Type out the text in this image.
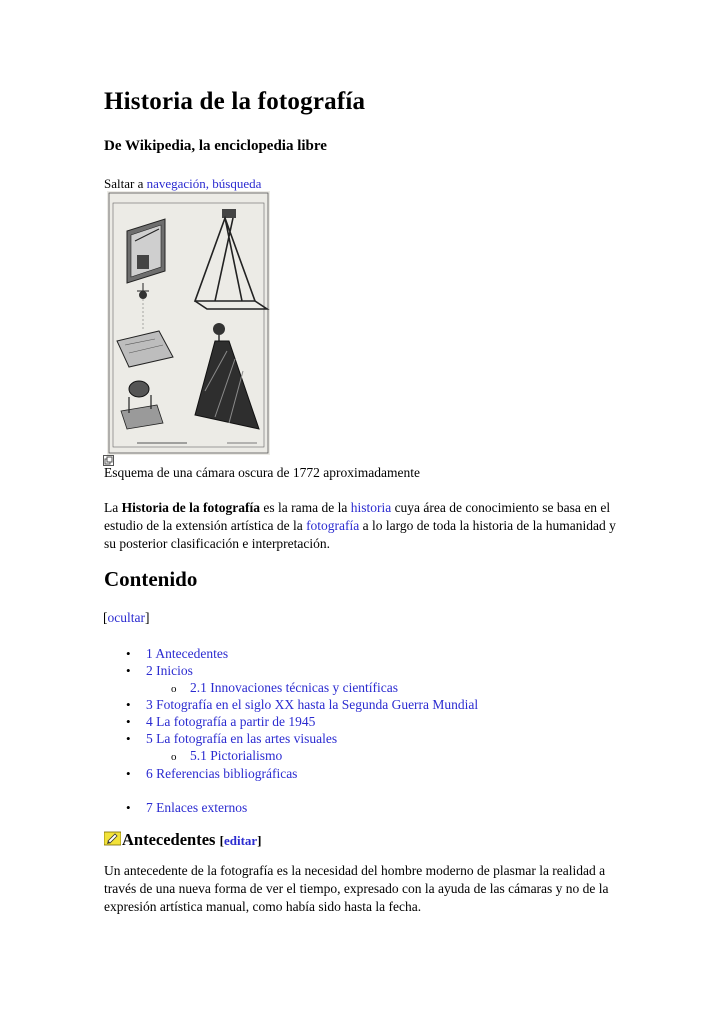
Historia de la fotografía
De Wikipedia, la enciclopedia libre
Saltar a navegación, búsqueda
Esquema de una cámara oscura de 1772 aproximadamente
La Historia de la fotografía es la rama de la historia cuya área de conocimiento se basa en el estudio de la extensión artística de la fotografía a lo largo de toda la historia de la humanidad y su posterior clasificación e interpretación.
Contenido
[ocultar]
• 1 Antecedentes
• 2 Inicios
o 2.1 Innovaciones técnicas y científicas
• 3 Fotografía en el siglo XX hasta la Segunda Guerra Mundial
• 4 La fotografía a partir de 1945
• 5 La fotografía en las artes visuales
o 5.1 Pictorialismo
• 6 Referencias bibliográficas
• 7 Enlaces externos
Antecedentes [editar]
Un antecedente de la fotografía es la necesidad del hombre moderno de plasmar la realidad a través de una nueva forma de ver el tiempo, expresado con la ayuda de las cámaras y no de la expresión artística manual, como había sido hasta la fecha.
